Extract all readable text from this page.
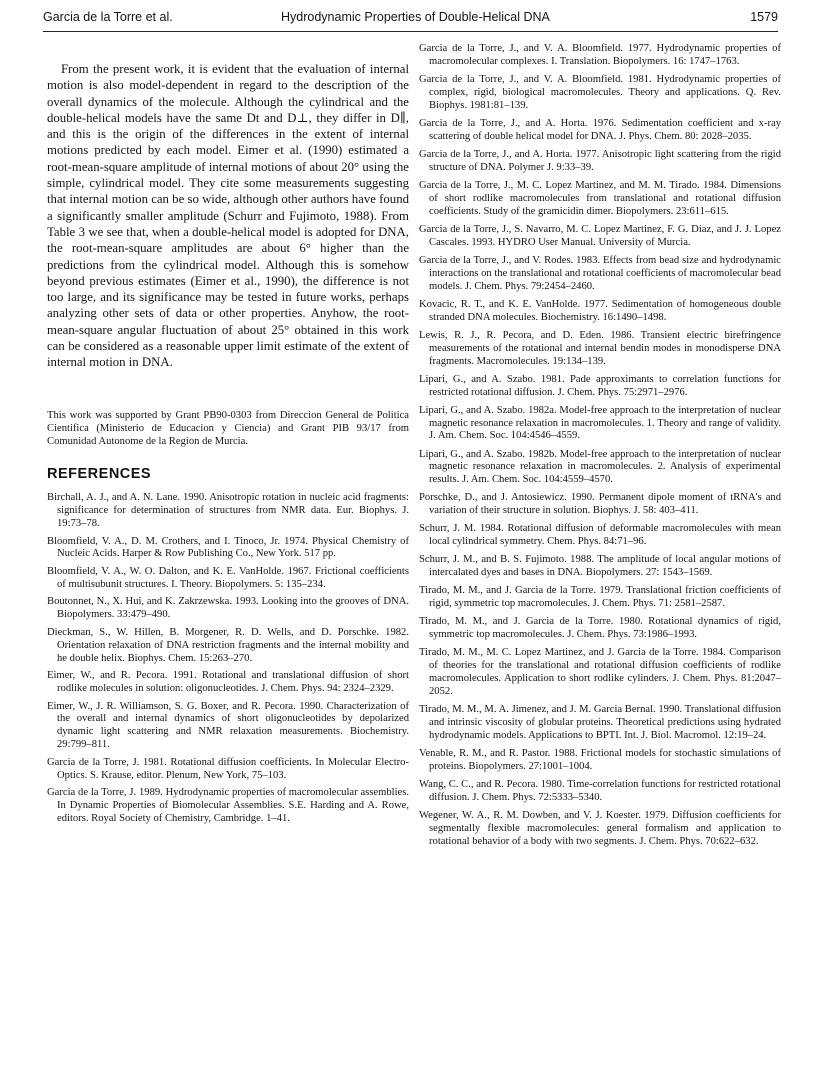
Garcia de la Torre et al.	Hydrodynamic Properties of Double-Helical DNA	1579

From the present work, it is evident that the evaluation of internal motion is also model-dependent in regard to the description of the overall dynamics of the molecule. Although the cylindrical and the double-helical models have the same Dt and D⊥, they differ in D∥, and this is the origin of the differences in the extent of internal motions predicted by each model. Eimer et al. (1990) estimated a root-mean-square amplitude of internal motions of about 20° using the simple, cylindrical model. They cite some measurements suggesting that internal motion can be so wide, although other authors have found a significantly smaller amplitude (Schurr and Fujimoto, 1988). From Table 3 we see that, when a double-helical model is adopted for DNA, the root-mean-square amplitudes are about 6° higher than the predictions from the cylindrical model. Although this is somehow beyond previous estimates (Eimer et al., 1990), the difference is not too large, and its significance may be tested in future works, perhaps analyzing other sets of data or other properties. Anyhow, the root-mean-square angular fluctuation of about 25° obtained in this work can be considered as a reasonable upper limit estimate of the extent of internal motion in DNA.

This work was supported by Grant PB90-0303 from Direccion General de Politica Cientifica (Ministerio de Educacion y Ciencia) and Grant PIB 93/17 from Comunidad Autonome de la Region de Murcia.

REFERENCES
Birchall, A. J., and A. N. Lane. 1990. Anisotropic rotation in nucleic acid fragments: significance for determination of structures from NMR data. Eur. Biophys. J. 19:73–78.
Bloomfield, V. A., D. M. Crothers, and I. Tinoco, Jr. 1974. Physical Chemistry of Nucleic Acids. Harper & Row Publishing Co., New York. 517 pp.
Bloomfield, V. A., W. O. Dalton, and K. E. VanHolde. 1967. Frictional coefficients of multisubunit structures. I. Theory. Biopolymers. 5: 135–234.
Boutonnet, N., X. Hui, and K. Zakrzewska. 1993. Looking into the grooves of DNA. Biopolymers. 33:479–490.
Dieckman, S., W. Hillen, B. Morgener, R. D. Wells, and D. Porschke. 1982. Orientation relaxation of DNA restriction fragments and the internal mobility and he double helix. Biophys. Chem. 15:263–270.
Eimer, W., and R. Pecora. 1991. Rotational and translational diffusion of short rodlike molecules in solution: oligonucleotides. J. Chem. Phys. 94: 2324–2329.
Eimer, W., J. R. Williamson, S. G. Boxer, and R. Pecora. 1990. Characterization of the overall and internal dynamics of short oligonucleotides by depolarized dynamic light scattering and NMR relaxation measurements. Biochemistry. 29:799–811.
Garcia de la Torre, J. 1981. Rotational diffusion coefficients. In Molecular Electro-Optics. S. Krause, editor. Plenum, New York, 75–103.
Garcia de la Torre, J. 1989. Hydrodynamic properties of macromolecular assemblies. In Dynamic Properties of Biomolecular Assemblies. S.E. Harding and A. Rowe, editors. Royal Society of Chemistry, Cambridge. 1–41.
Garcia de la Torre, J., and V. A. Bloomfield. 1977. Hydrodynamic properties of macromolecular complexes. I. Translation. Biopolymers. 16: 1747–1763.
Garcia de la Torre, J., and V. A. Bloomfield. 1981. Hydrodynamic properties of complex, rigid, biological macromolecules. Theory and applications. Q. Rev. Biophys. 1981:81–139.
Garcia de la Torre, J., and A. Horta. 1976. Sedimentation coefficient and x-ray scattering of double helical model for DNA. J. Phys. Chem. 80: 2028–2035.
Garcia de la Torre, J., and A. Horta. 1977. Anisotropic light scattering from the rigid structure of DNA. Polymer J. 9:33–39.
Garcia de la Torre, J., M. C. Lopez Martinez, and M. M. Tirado. 1984. Dimensions of short rodlike macromolecules from translational and rotational diffusion coefficients. Study of the gramicidin dimer. Biopolymers. 23:611–615.
Garcia de la Torre, J., S. Navarro, M. C. Lopez Martinez, F. G. Diaz, and J. J. Lopez Cascales. 1993. HYDRO User Manual. University of Murcia.
Garcia de la Torre, J., and V. Rodes. 1983. Effects from bead size and hydrodynamic interactions on the translational and rotational coefficients of macromolecular bead models. J. Chem. Phys. 79:2454–2460.
Kovacic, R. T., and K. E. VanHolde. 1977. Sedimentation of homogeneous double stranded DNA molecules. Biochemistry. 16:1490–1498.
Lewis, R. J., R. Pecora, and D. Eden. 1986. Transient electric birefringence measurements of the rotational and internal bendin modes in monodisperse DNA fragments. Macromolecules. 19:134–139.
Lipari, G., and A. Szabo. 1981. Pade approximants to correlation functions for restricted rotational diffusion. J. Chem. Phys. 75:2971–2976.
Lipari, G., and A. Szabo. 1982a. Model-free approach to the interpretation of nuclear magnetic resonance relaxation in macromolecules. 1. Theory and range of validity. J. Am. Chem. Soc. 104:4546–4559.
Lipari, G., and A. Szabo. 1982b. Model-free approach to the interpretation of nuclear magnetic resonance relaxation in macromolecules. 2. Analysis of experimental results. J. Am. Chem. Soc. 104:4559–4570.
Porschke, D., and J. Antosiewicz. 1990. Permanent dipole moment of tRNA's and variation of their structure in solution. Biophys. J. 58: 403–411.
Schurr, J. M. 1984. Rotational diffusion of deformable macromolecules with mean local cylindrical symmetry. Chem. Phys. 84:71–96.
Schurr, J. M., and B. S. Fujimoto. 1988. The amplitude of local angular motions of intercalated dyes and bases in DNA. Biopolymers. 27: 1543–1569.
Tirado, M. M., and J. Garcia de la Torre. 1979. Translational friction coefficients of rigid, symmetric top macromolecules. J. Chem. Phys. 71: 2581–2587.
Tirado, M. M., and J. Garcia de la Torre. 1980. Rotational dynamics of rigid, symmetric top macromolecules. J. Chem. Phys. 73:1986–1993.
Tirado, M. M., M. C. Lopez Martinez, and J. Garcia de la Torre. 1984. Comparison of theories for the translational and rotational diffusion coefficients of rodlike macromolecules. Application to short rodlike cylinders. J. Chem. Phys. 81:2047–2052.
Tirado, M. M., M. A. Jimenez, and J. M. Garcia Bernal. 1990. Translational diffusion and intrinsic viscosity of globular proteins. Theoretical predictions using hydrated hydrodynamic models. Applications to BPTI. Int. J. Biol. Macromol. 12:19–24.
Venable, R. M., and R. Pastor. 1988. Frictional models for stochastic simulations of proteins. Biopolymers. 27:1001–1004.
Wang, C. C., and R. Pecora. 1980. Time-correlation functions for restricted rotational diffusion. J. Chem. Phys. 72:5333–5340.
Wegener, W. A., R. M. Dowben, and V. J. Koester. 1979. Diffusion coefficients for segmentally flexible macromolecules: general formalism and application to rotational behavior of a body with two segments. J. Chem. Phys. 70:622–632.
